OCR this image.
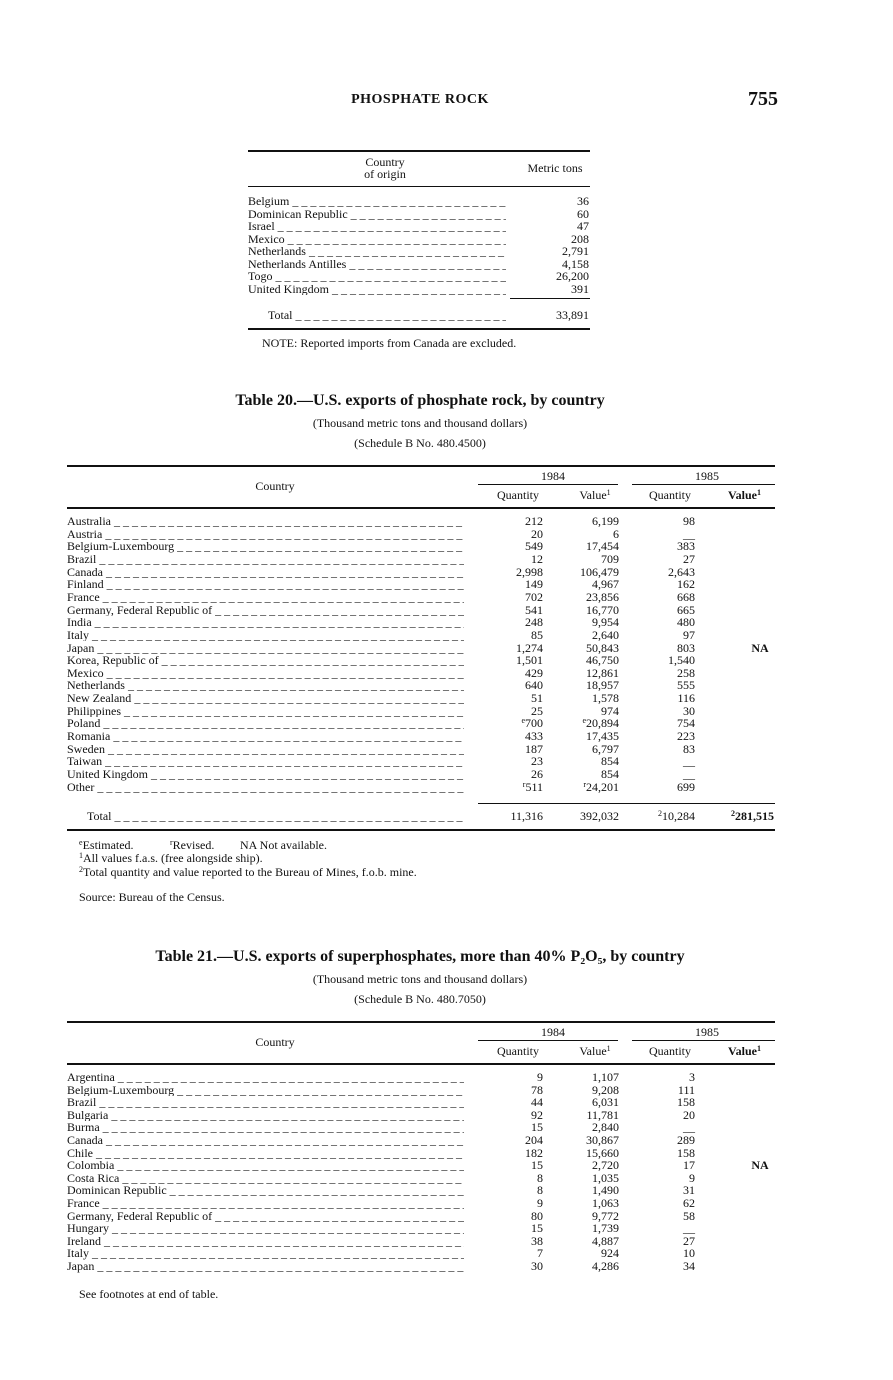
PHOSPHATE ROCK	755
Country
of origin	Metric tons
Belgium _ _ _	36
Dominican Republic _ _ _	60
Israel _ _ _	47
Mexico _ _ _	208
Netherlands _ _ _	2,791
Netherlands Antilles _ _ _	4,158
Togo _ _ _	26,200
United Kingdom _ _ _	391
Total _ _ _	33,891
NOTE: Reported imports from Canada are excluded.
Table 20.—U.S. exports of phosphate rock, by country
(Thousand metric tons and thousand dollars)
(Schedule B No. 480.4500)
Country
1984	1985
Quantity	Value$^1$	Quantity	Value$^1$
Australia _ _ _	212	6,199	98
Austria _ _ _	20	6	__
Belgium-Luxembourg _ _ _	549	17,454	383
Brazil _ _ _	12	709	27
Canada _ _ _	2,998	106,479	2,643
Finland _ _ _	149	4,967	162
France _ _ _	702	23,856	668
Germany, Federal Republic of _ _ _	541	16,770	665
India _ _ _	248	9,954	480
Italy _ _ _	85	2,640	97
Japan _ _ _	1,274	50,843	803
Korea, Republic of _ _ _	1,501	46,750	1,540
Mexico _ _ _	429	12,861	258
Netherlands _ _ _	640	18,957	555
New Zealand _ _ _	51	1,578	116
Philippines _ _ _	25	974	30
Poland _ _ _	$^e$700	$^e$20,894	754
Romania _ _ _	433	17,435	223
Sweden _ _ _	187	6,797	83
Taiwan _ _ _	23	854	__
United Kingdom _ _ _	26	854	__
Other _ _ _	$^r$511	$^r$24,201	699
NA
Total _ _ _	11,316	392,032	$^2$10,284	$^2$281,515
$^e$Estimated.	$^r$Revised. NA Not available.
$^1$All values f.a.s. (free alongside ship).
$^2$Total quantity and value reported to the Bureau of Mines, f.o.b. mine.
Source: Bureau of the Census.
Table 21.—U.S. exports of superphosphates, more than 40% P₂O₅, by country
(Thousand metric tons and thousand dollars)
(Schedule B No. 480.7050)
Country
1984	1985
Quantity	Value$^1$	Quantity	Value$^1$
Argentina _ _ _	9	1,107	3
Belgium-Luxembourg _ _ _	78	9,208	111
Brazil _ _ _	44	6,031	158
Bulgaria _ _ _	92	11,781	20
Burma _ _ _	15	2,840	__
Canada _ _ _	204	30,867	289
Chile _ _ _	182	15,660	158
Colombia _ _ _	15	2,720	17
Costa Rica _ _ _	8	1,035	9
Dominican Republic _ _ _	8	1,490	31
France _ _ _	9	1,063	62
Germany, Federal Republic of _ _ _	80	9,772	58
Hungary _ _ _	15	1,739	__
Ireland _ _ _	38	4,887	27
Italy _ _ _	7	924	10
Japan _ _ _	30	4,286	34
NA
See footnotes at end of table.
